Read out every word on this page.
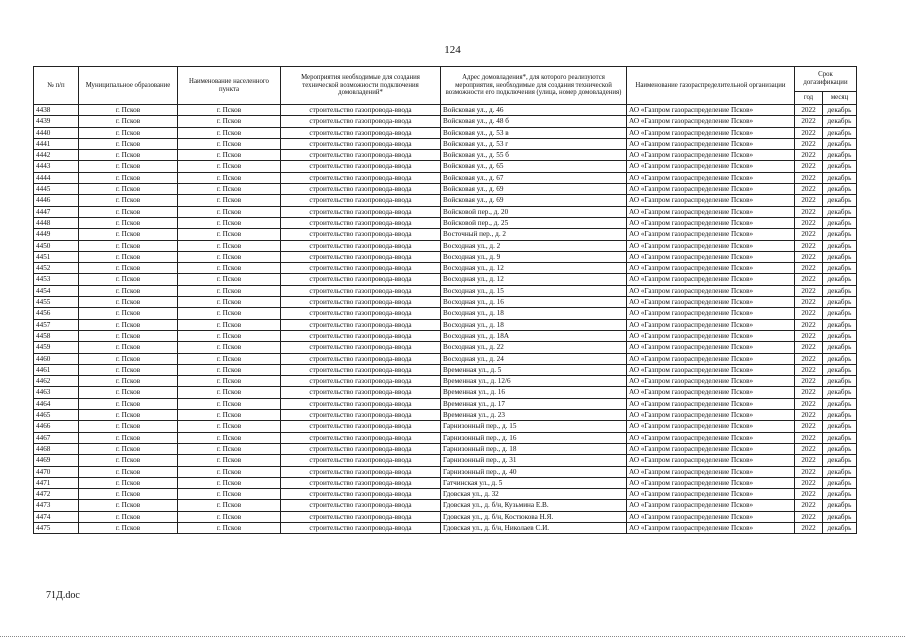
124
№ п/п	Муниципальное образование	Наименование населенного пункта	Мероприятия необходимые для создания технической возможности подключения домовладений*	Адрес домовладения*, для которого реализуются мероприятия, необходимые для создания технической возможности его подключения (улица, номер домовладения)	Наименование газораспределительной организации	Срок догазификации	
						год	месяц
4438	г. Псков	г. Псков	строительство газопровода-ввода	Войсковая ул., д. 46	АО «Газпром газораспределение Псков»	2022	декабрь
4439	г. Псков	г. Псков	строительство газопровода-ввода	Войсковая ул., д. 48 б	АО «Газпром газораспределение Псков»	2022	декабрь
4440	г. Псков	г. Псков	строительство газопровода-ввода	Войсковая ул., д. 53 в	АО «Газпром газораспределение Псков»	2022	декабрь
4441	г. Псков	г. Псков	строительство газопровода-ввода	Войсковая ул., д. 53 г	АО «Газпром газораспределение Псков»	2022	декабрь
4442	г. Псков	г. Псков	строительство газопровода-ввода	Войсковая ул., д. 55 б	АО «Газпром газораспределение Псков»	2022	декабрь
4443	г. Псков	г. Псков	строительство газопровода-ввода	Войсковая ул., д. 65	АО «Газпром газораспределение Псков»	2022	декабрь
4444	г. Псков	г. Псков	строительство газопровода-ввода	Войсковая ул., д. 67	АО «Газпром газораспределение Псков»	2022	декабрь
4445	г. Псков	г. Псков	строительство газопровода-ввода	Войсковая ул., д. 69	АО «Газпром газораспределение Псков»	2022	декабрь
4446	г. Псков	г. Псков	строительство газопровода-ввода	Войсковая ул., д. 69	АО «Газпром газораспределение Псков»	2022	декабрь
4447	г. Псков	г. Псков	строительство газопровода-ввода	Войсковой пер., д. 20	АО «Газпром газораспределение Псков»	2022	декабрь
4448	г. Псков	г. Псков	строительство газопровода-ввода	Войсковой пер., д. 25	АО «Газпром газораспределение Псков»	2022	декабрь
4449	г. Псков	г. Псков	строительство газопровода-ввода	Восточный пер., д. 2	АО «Газпром газораспределение Псков»	2022	декабрь
4450	г. Псков	г. Псков	строительство газопровода-ввода	Восходная ул., д. 2	АО «Газпром газораспределение Псков»	2022	декабрь
4451	г. Псков	г. Псков	строительство газопровода-ввода	Восходная ул., д. 9	АО «Газпром газораспределение Псков»	2022	декабрь
4452	г. Псков	г. Псков	строительство газопровода-ввода	Восходная ул., д. 12	АО «Газпром газораспределение Псков»	2022	декабрь
4453	г. Псков	г. Псков	строительство газопровода-ввода	Восходная ул., д. 12	АО «Газпром газораспределение Псков»	2022	декабрь
4454	г. Псков	г. Псков	строительство газопровода-ввода	Восходная ул., д. 15	АО «Газпром газораспределение Псков»	2022	декабрь
4455	г. Псков	г. Псков	строительство газопровода-ввода	Восходная ул., д. 16	АО «Газпром газораспределение Псков»	2022	декабрь
4456	г. Псков	г. Псков	строительство газопровода-ввода	Восходная ул., д. 18	АО «Газпром газораспределение Псков»	2022	декабрь
4457	г. Псков	г. Псков	строительство газопровода-ввода	Восходная ул., д. 18	АО «Газпром газораспределение Псков»	2022	декабрь
4458	г. Псков	г. Псков	строительство газопровода-ввода	Восходная ул., д. 18А	АО «Газпром газораспределение Псков»	2022	декабрь
4459	г. Псков	г. Псков	строительство газопровода-ввода	Восходная ул., д. 22	АО «Газпром газораспределение Псков»	2022	декабрь
4460	г. Псков	г. Псков	строительство газопровода-ввода	Восходная ул., д. 24	АО «Газпром газораспределение Псков»	2022	декабрь
4461	г. Псков	г. Псков	строительство газопровода-ввода	Временная ул., д. 5	АО «Газпром газораспределение Псков»	2022	декабрь
4462	г. Псков	г. Псков	строительство газопровода-ввода	Временная ул., д. 12/6	АО «Газпром газораспределение Псков»	2022	декабрь
4463	г. Псков	г. Псков	строительство газопровода-ввода	Временная ул., д. 16	АО «Газпром газораспределение Псков»	2022	декабрь
4464	г. Псков	г. Псков	строительство газопровода-ввода	Временная ул., д. 17	АО «Газпром газораспределение Псков»	2022	декабрь
4465	г. Псков	г. Псков	строительство газопровода-ввода	Временная ул., д. 23	АО «Газпром газораспределение Псков»	2022	декабрь
4466	г. Псков	г. Псков	строительство газопровода-ввода	Гарнизонный пер., д. 15	АО «Газпром газораспределение Псков»	2022	декабрь
4467	г. Псков	г. Псков	строительство газопровода-ввода	Гарнизонный пер., д. 16	АО «Газпром газораспределение Псков»	2022	декабрь
4468	г. Псков	г. Псков	строительство газопровода-ввода	Гарнизонный пер., д. 18	АО «Газпром газораспределение Псков»	2022	декабрь
4469	г. Псков	г. Псков	строительство газопровода-ввода	Гарнизонный пер., д. 31	АО «Газпром газораспределение Псков»	2022	декабрь
4470	г. Псков	г. Псков	строительство газопровода-ввода	Гарнизонный пер., д. 40	АО «Газпром газораспределение Псков»	2022	декабрь
4471	г. Псков	г. Псков	строительство газопровода-ввода	Гатчинская ул., д. 5	АО «Газпром газораспределение Псков»	2022	декабрь
4472	г. Псков	г. Псков	строительство газопровода-ввода	Гдовская ул., д. 32	АО «Газпром газораспределение Псков»	2022	декабрь
4473	г. Псков	г. Псков	строительство газопровода-ввода	Гдовская ул., д. б/н, Кузьмина Е.В.	АО «Газпром газораспределение Псков»	2022	декабрь
4474	г. Псков	г. Псков	строительство газопровода-ввода	Гдовская ул., д. б/н, Костюкова Н.Я.	АО «Газпром газораспределение Псков»	2022	декабрь
4475	г. Псков	г. Псков	строительство газопровода-ввода	Гдовская ул., д. б/н, Николаев С.И.	АО «Газпром газораспределение Псков»	2022	декабрь
71Д.doc
